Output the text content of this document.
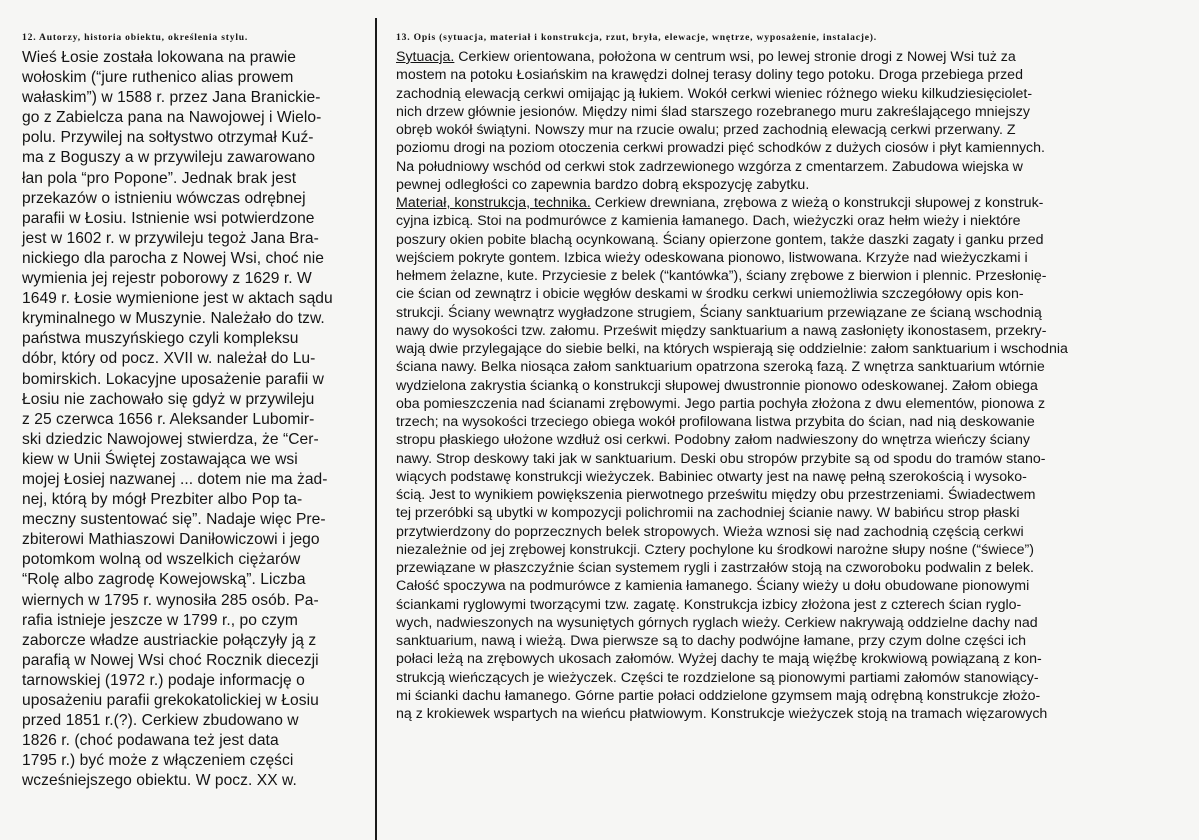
12. Autorzy, historia obiektu, określenia stylu.

Wieś Łosie została lokowana na prawie
wołoskim (“jure ruthenico alias prowem
wałaskim”) w 1588 r. przez Jana Branickie-
go z Zabielcza pana na Nawojowej i Wielo-
polu. Przywilej na sołtystwo otrzymał Kuź-
ma z Boguszy a w przywileju zawarowano
łan pola “pro Popone”. Jednak brak jest
przekazów o istnieniu wówczas odrębnej
parafii w Łosiu. Istnienie wsi potwierdzone
jest w 1602 r. w przywileju tegoż Jana Bra-
nickiego dla parocha z Nowej Wsi, choć nie
wymienia jej rejestr poborowy z 1629 r. W
1649 r. Łosie wymienione jest w aktach sądu
kryminalnego w Muszynie. Należało do tzw.
państwa muszyńskiego czyli kompleksu
dóbr, który od pocz. XVII w. należał do Lu-
bomirskich. Lokacyjne uposażenie parafii w
Łosiu nie zachowało się gdyż w przywileju
z 25 czerwca 1656 r. Aleksander Lubomir-
ski dziedzic Nawojowej stwierdza, że “Cer-
kiew w Unii Świętej zostawająca we wsi
mojej Łosiej nazwanej ... dotem nie ma żad-
nej, którą by mógł Prezbiter albo Pop ta-
meczny sustentować się”. Nadaje więc Pre-
zbiterowi Mathiaszowi Daniłowiczowi i jego
potomkom wolną od wszelkich ciężarów
“Rolę albo zagrodę Kowejowską”. Liczba
wiernych w 1795 r. wynosiła 285 osób. Pa-
rafia istnieje jeszcze w 1799 r., po czym
zaborcze władze austriackie połączyły ją z
parafią w Nowej Wsi choć Rocznik diecezji
tarnowskiej (1972 r.) podaje informację o
uposażeniu parafii grekokatolickiej w Łosiu
przed 1851 r.(?). Cerkiew zbudowano w
1826 r. (choć podawana też jest data
1795 r.) być może z włączeniem części
wcześniejszego obiektu. W pocz. XX w.

13. Opis (sytuacja, materiał i konstrukcja, rzut, bryła, elewacje, wnętrze, wyposażenie, instalacje).

Sytuacja. Cerkiew orientowana, położona w centrum wsi, po lewej stronie drogi z Nowej Wsi tuż za
mostem na potoku Łosiańskim na krawędzi dolnej terasy doliny tego potoku. Droga przebiega przed
zachodnią elewacją cerkwi omijając ją łukiem. Wokół cerkwi wieniec różnego wieku kilkudziesięciolet-
nich drzew głównie jesionów. Między nimi ślad starszego rozebranego muru zakreślającego mniejszy
obręb wokół świątyni. Nowszy mur na rzucie owalu; przed zachodnią elewacją cerkwi przerwany. Z
poziomu drogi na poziom otoczenia cerkwi prowadzi pięć schodków z dużych ciosów i płyt kamiennych.
Na południowy wschód od cerkwi stok zadrzewionego wzgórza z cmentarzem. Zabudowa wiejska w
pewnej odległości co zapewnia bardzo dobrą ekspozycję zabytku.
Materiał, konstrukcja, technika. Cerkiew drewniana, zrębowa z wieżą o konstrukcji słupowej z konstruk-
cyjna izbicą. Stoi na podmurówce z kamienia łamanego. Dach, wieżyczki oraz hełm wieży i niektóre
poszury okien pobite blachą ocynkowaną. Ściany opierzone gontem, także daszki zagaty i ganku przed
wejściem pokryte gontem. Izbica wieży odeskowana pionowo, listwowana. Krzyże nad wieżyczkami i
hełmem żelazne, kute. Przyciesie z belek (“kantówka”), ściany zrębowe z bierwion i plennic. Przesłonię-
cie ścian od zewnątrz i obicie węgłów deskami w środku cerkwi uniemożliwia szczegółowy opis kon-
strukcji. Ściany wewnątrz wygładzone strugiem, Ściany sanktuarium przewiązane ze ścianą wschodnią
nawy do wysokości tzw. załomu. Prześwit między sanktuarium a nawą zasłonięty ikonostasem, przekry-
wają dwie przylegające do siebie belki, na których wspierają się oddzielnie: załom sanktuarium i wschodnia
ściana nawy. Belka niosąca załom sanktuarium opatrzona szeroką fazą. Z wnętrza sanktuarium wtórnie
wydzielona zakrystia ścianką o konstrukcji słupowej dwustronnie pionowo odeskowanej. Załom obiega
oba pomieszczenia nad ścianami zrębowymi. Jego partia pochyła złożona z dwu elementów, pionowa z
trzech; na wysokości trzeciego obiega wokół profilowana listwa przybita do ścian, nad nią deskowanie
stropu płaskiego ułożone wzdłuż osi cerkwi. Podobny załom nadwieszony do wnętrza wieńczy ściany
nawy. Strop deskowy taki jak w sanktuarium. Deski obu stropów przybite są od spodu do tramów stano-
wiących podstawę konstrukcji wieżyczek. Babiniec otwarty jest na nawę pełną szerokością i wysoko-
ścią. Jest to wynikiem powiększenia pierwotnego prześwitu między obu przestrzeniami. Świadectwem
tej przeróbki są ubytki w kompozycji polichromii na zachodniej ścianie nawy. W babińcu strop płaski
przytwierdzony do poprzecznych belek stropowych. Wieża wznosi się nad zachodnią częścią cerkwi
niezależnie od jej zrębowej konstrukcji. Cztery pochylone ku środkowi narożne słupy nośne (“świece”)
przewiązane w płaszczyźnie ścian systemem rygli i zastrzałów stoją na czworoboku podwalin z belek.
Całość spoczywa na podmurówce z kamienia łamanego. Ściany wieży u dołu obudowane pionowymi
ściankami ryglowymi tworzącymi tzw. zagatę. Konstrukcja izbicy złożona jest z czterech ścian ryglo-
wych, nadwieszonych na wysuniętych górnych ryglach wieży. Cerkiew nakrywają oddzielne dachy nad
sanktuarium, nawą i wieżą. Dwa pierwsze są to dachy podwójne łamane, przy czym dolne części ich
połaci leżą na zrębowych ukosach załomów. Wyżej dachy te mają więźbę krokwiową powiązaną z kon-
strukcją wieńczących je wieżyczek. Części te rozdzielone są pionowymi partiami załomów stanowiący-
mi ścianki dachu łamanego. Górne partie połaci oddzielone gzymsem mają odrębną konstrukcje złożo-
ną z krokiewek wspartych na wieńcu płatwiowym. Konstrukcje wieżyczek stoją na tramach więzarowych
